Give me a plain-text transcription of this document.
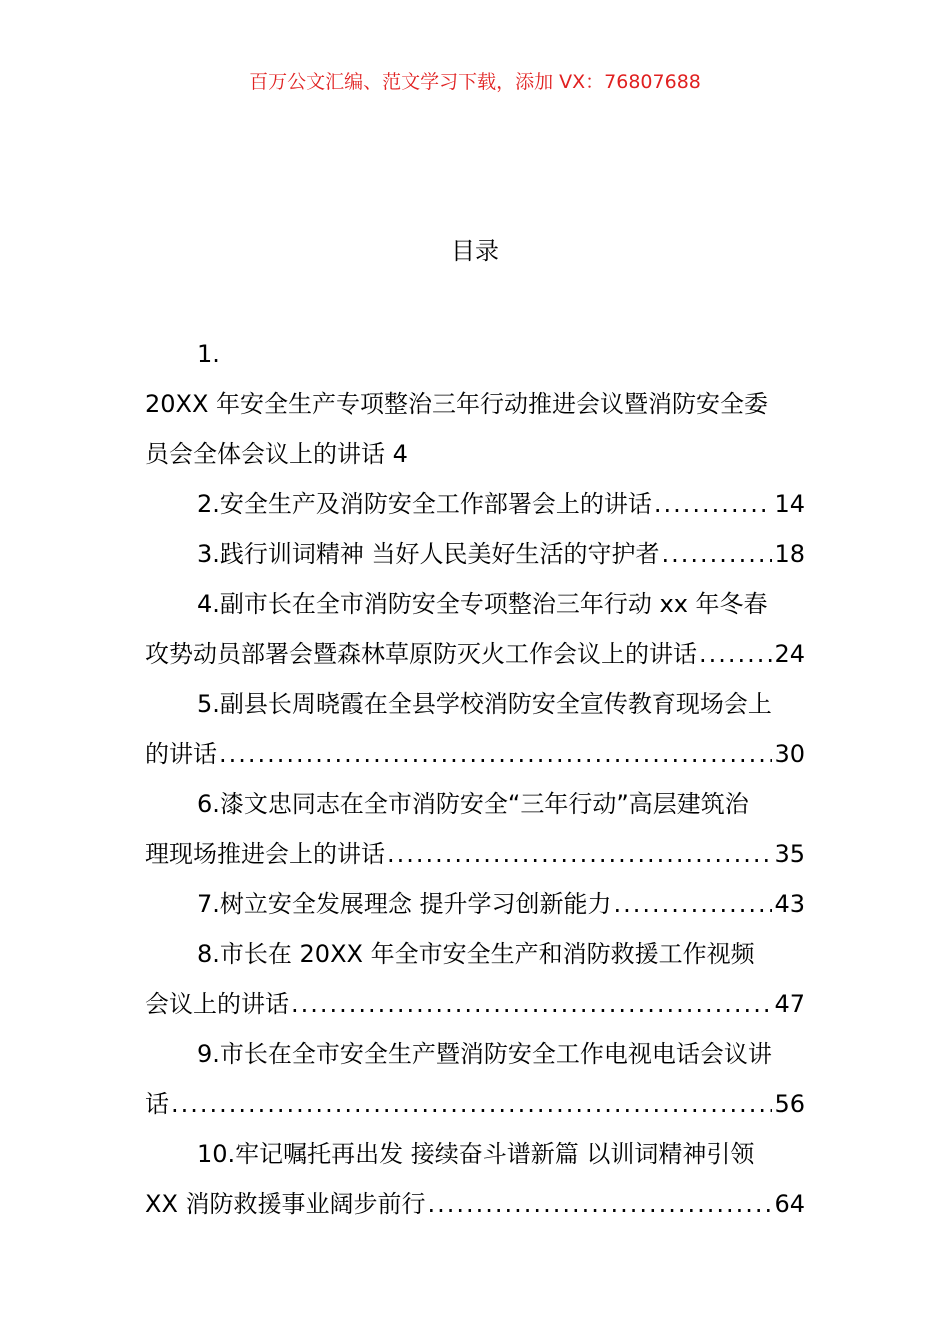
百万公文汇编、范文学习下载，添加 VX：76807688
目录
1.
20XX 年安全生产专项整治三年行动推进会议暨消防安全委
员会全体会议上的讲话 4
2.安全生产及消防安全工作部署会上的讲话 .....	14
3.践行训词精神 当好人民美好生活的守护者 .....	18
4.副市长在全市消防安全专项整治三年行动 xx 年冬春
攻势动员部署会暨森林草原防灭火工作会议上的讲话 .....	24
5.副县长周晓霞在全县学校消防安全宣传教育现场会上
的讲话 .....	30
6.漆文忠同志在全市消防安全“三年行动”高层建筑治
理现场推进会上的讲话 .....	35
7.树立安全发展理念 提升学习创新能力 .....	43
8.市长在 20XX 年全市安全生产和消防救援工作视频
会议上的讲话 .....	47
9.市长在全市安全生产暨消防安全工作电视电话会议讲
话 .....	56
10.牢记嘱托再出发 接续奋斗谱新篇 以训词精神引领
XX 消防救援事业阔步前行 .....	64
